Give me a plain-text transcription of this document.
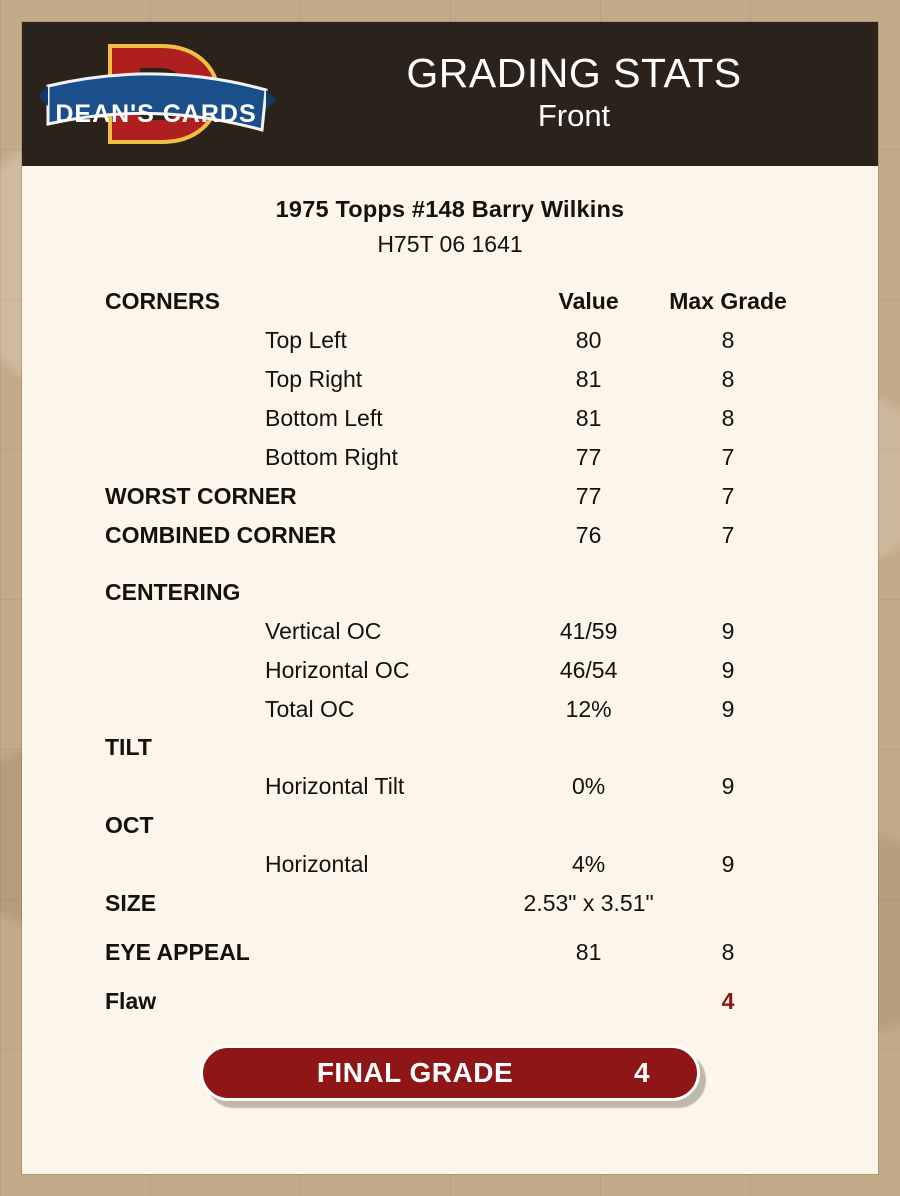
DEAN'S CARDS
GRADING STATS
Front
1975 Topps #148 Barry Wilkins
H75T 06 1641
CORNERS	Value	Max Grade
Top Left	80	8
Top Right	81	8
Bottom Left	81	8
Bottom Right	77	7
WORST CORNER	77	7
COMBINED CORNER	76	7

CENTERING		
Vertical OC	41/59	9
Horizontal OC	46/54	9
Total OC	12%	9
TILT		
Horizontal Tilt	0%	9
OCT		
Horizontal	4%	9
SIZE	2.53" x 3.51"	

EYE APPEAL	81	8

Flaw		4
FINAL GRADE	4
